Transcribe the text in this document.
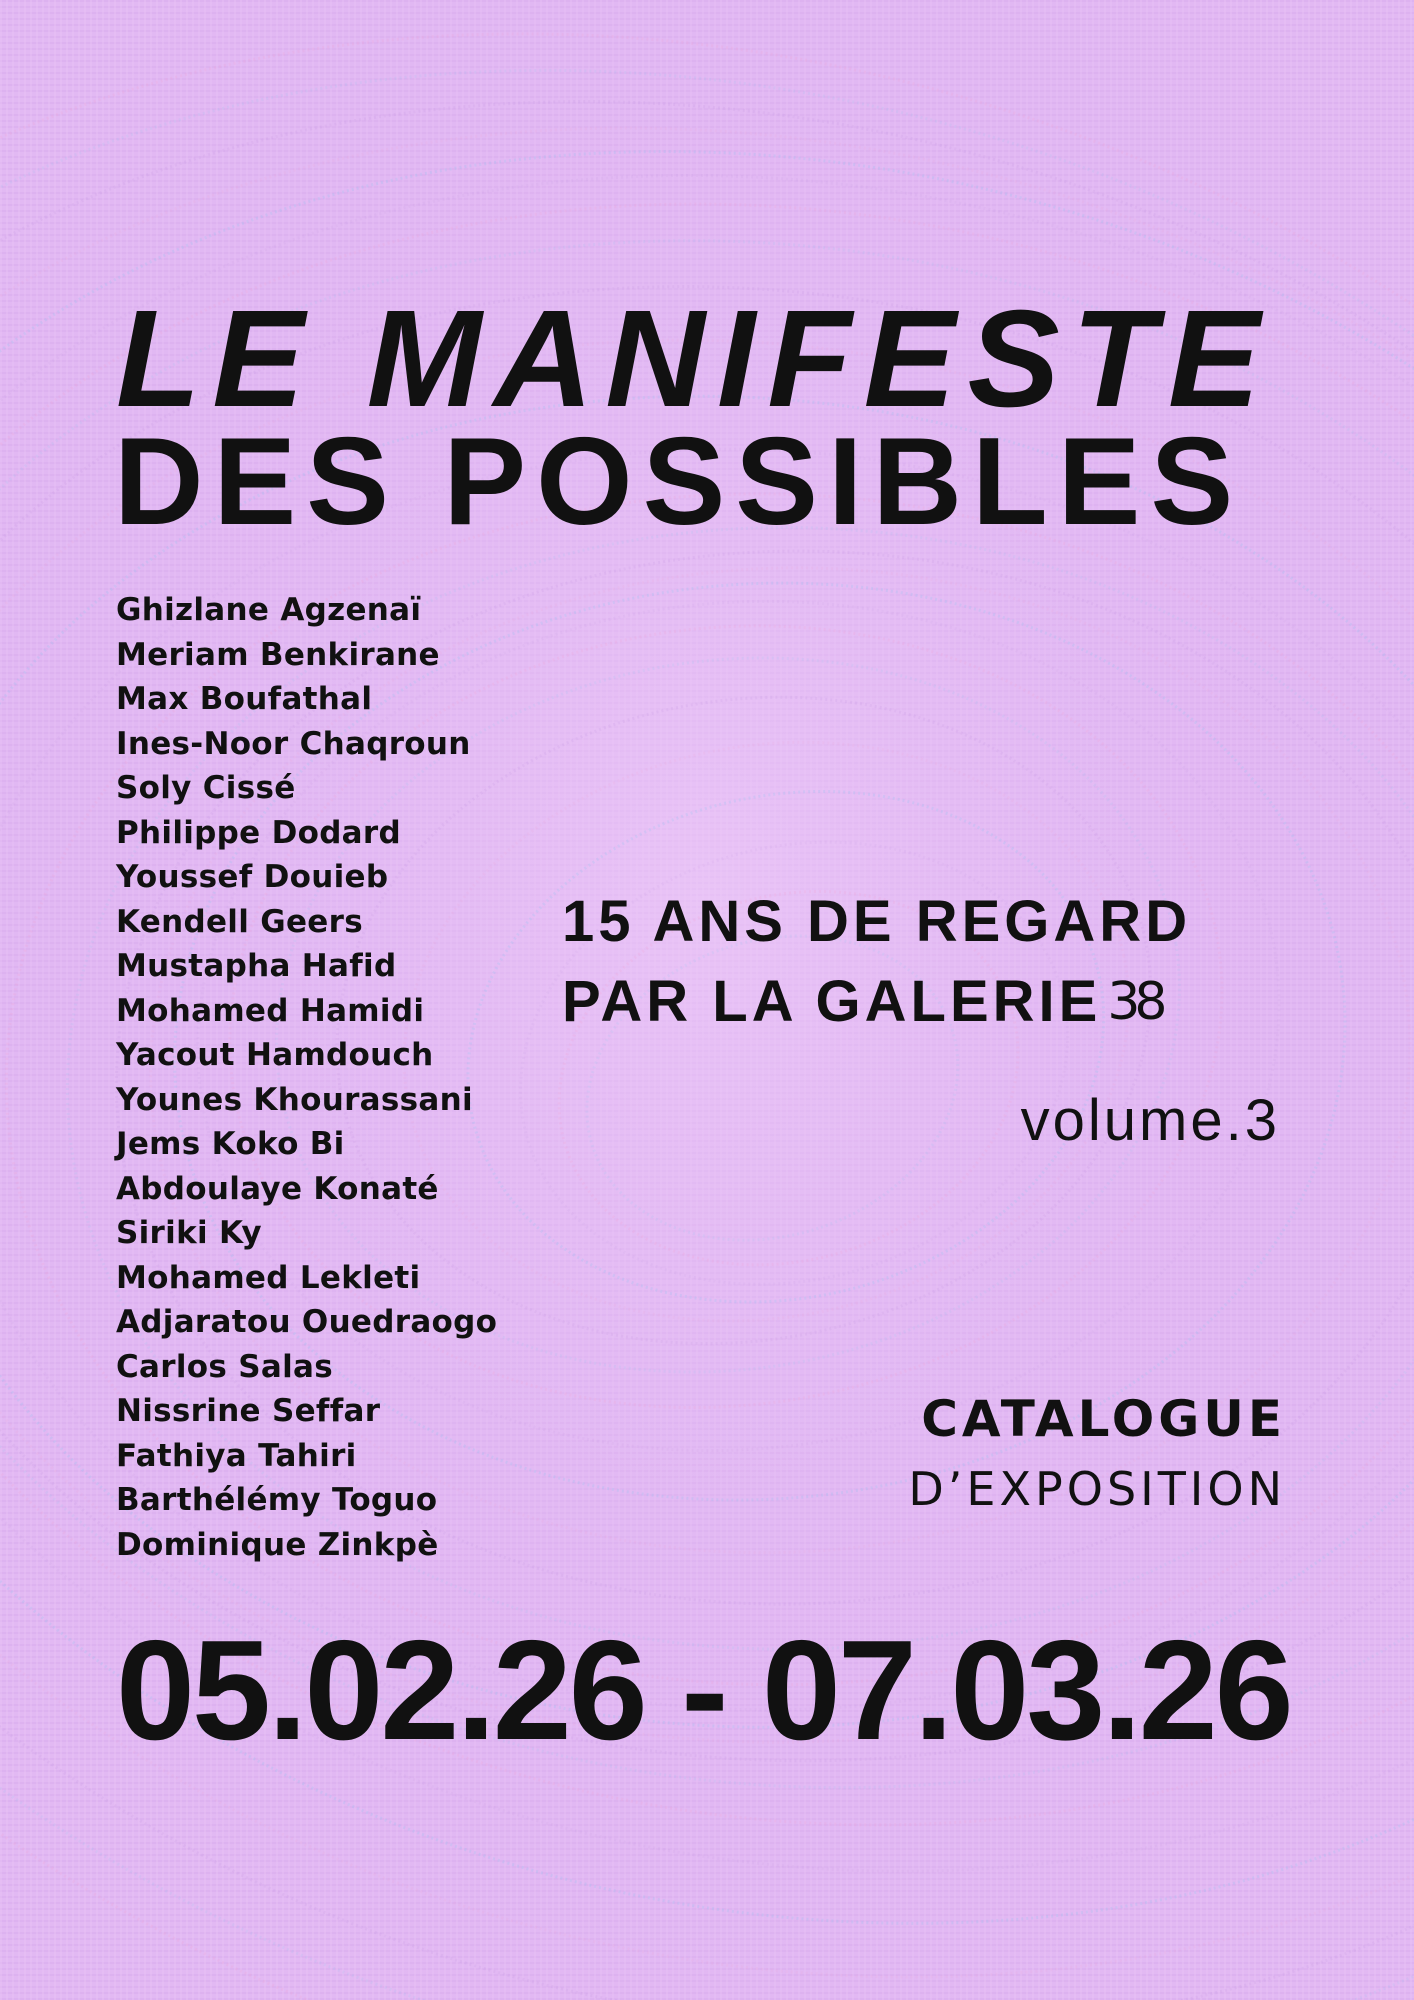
LE MANIFESTE
DES POSSIBLES
Ghizlane Agzenaï
Meriam Benkirane
Max Boufathal
Ines-Noor Chaqroun
Soly Cissé
Philippe Dodard
Youssef Douieb
Kendell Geers
Mustapha Hafid
Mohamed Hamidi
Yacout Hamdouch
Younes Khourassani
Jems Koko Bi
Abdoulaye Konaté
Siriki Ky
Mohamed Lekleti
Adjaratou Ouedraogo
Carlos Salas
Nissrine Seffar
Fathiya Tahiri
Barthélémy Toguo
Dominique Zinkpè
15 ANS DE REGARD
PAR LA GALERIE 38
volume.3
CATALOGUE
D’EXPOSITION
05.02.26 - 07.03.26
